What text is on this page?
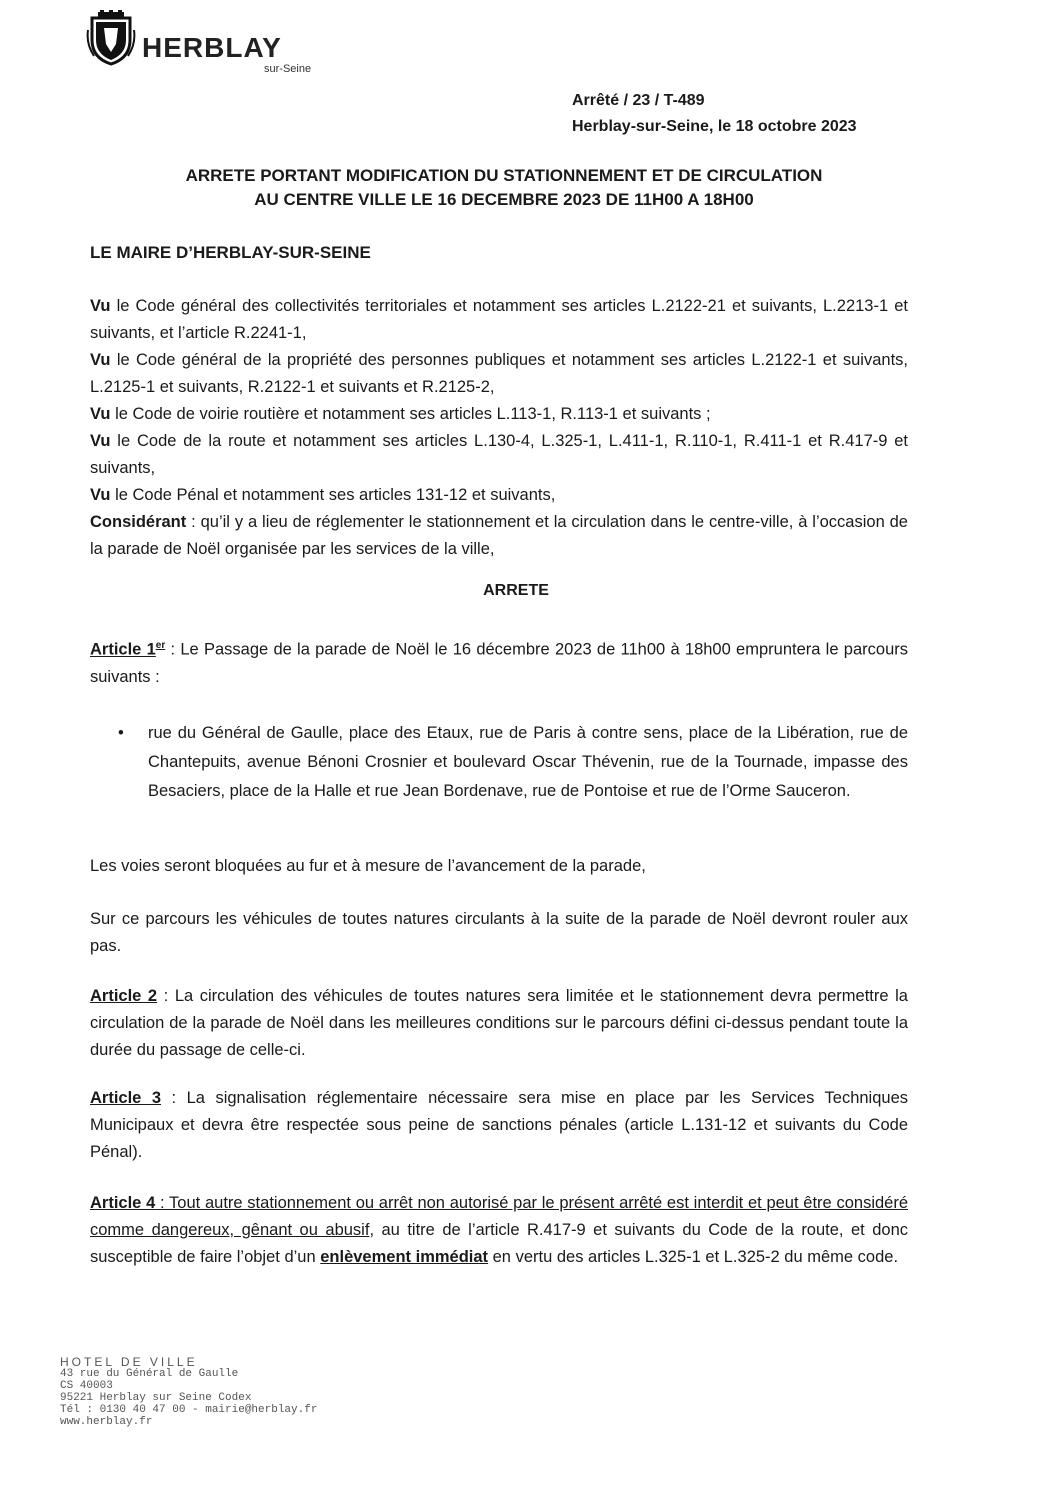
HERBLAY
sur-Seine
Arrêté / 23 / T-489
Herblay-sur-Seine, le 18 octobre 2023
ARRETE PORTANT MODIFICATION DU STATIONNEMENT ET DE CIRCULATION
AU CENTRE VILLE LE 16 DECEMBRE 2023 DE 11H00 A 18H00
LE MAIRE D’HERBLAY-SUR-SEINE

Vu le Code général des collectivités territoriales et notamment ses articles L.2122-21 et suivants, L.2213-1 et suivants, et l’article R.2241-1,

Vu le Code général de la propriété des personnes publiques et notamment ses articles L.2122-1 et suivants, L.2125-1 et suivants, R.2122-1 et suivants et R.2125-2,

Vu le Code de voirie routière et notamment ses articles L.113-1, R.113-1 et suivants ;

Vu le Code de la route et notamment ses articles L.130-4, L.325-1, L.411-1, R.110-1, R.411-1 et R.417-9 et suivants,

Vu le Code Pénal et notamment ses articles 131-12 et suivants,

Considérant : qu’il y a lieu de réglementer le stationnement et la circulation dans le centre-ville, à l’occasion de la parade de Noël organisée par les services de la ville,

ARRETE

Article 1er : Le Passage de la parade de Noël le 16 décembre 2023 de 11h00 à 18h00 empruntera le parcours suivants :

• rue du Général de Gaulle, place des Etaux, rue de Paris à contre sens, place de la Libération, rue de Chantepuits, avenue Bénoni Crosnier et boulevard Oscar Thévenin, rue de la Tournade, impasse des Besaciers, place de la Halle et rue Jean Bordenave, rue de Pontoise et rue de l’Orme Sauceron.
Les voies seront bloquées au fur et à mesure de l’avancement de la parade,
Sur ce parcours les véhicules de toutes natures circulants à la suite de la parade de Noël devront rouler aux pas.

Article 2 : La circulation des véhicules de toutes natures sera limitée et le stationnement devra permettre la circulation de la parade de Noël dans les meilleures conditions sur le parcours défini ci-dessus pendant toute la durée du passage de celle-ci.

Article 3 : La signalisation réglementaire nécessaire sera mise en place par les Services Techniques Municipaux et devra être respectée sous peine de sanctions pénales (article L.131-12 et suivants du Code Pénal).

Article 4 : Tout autre stationnement ou arrêt non autorisé par le présent arrêté est interdit et peut être considéré comme dangereux, gênant ou abusif, au titre de l’article R.417-9 et suivants du Code de la route, et donc susceptible de faire l’objet d’un enlèvement immédiat en vertu des articles L.325-1 et L.325-2 du même code.

HOTEL DE VILLE
43 rue du Général de Gaulle
CS 40003
95221 Herblay sur Seine Codex
Tél : 0130 40 47 00 - mairie@herblay.fr
www.herblay.fr
